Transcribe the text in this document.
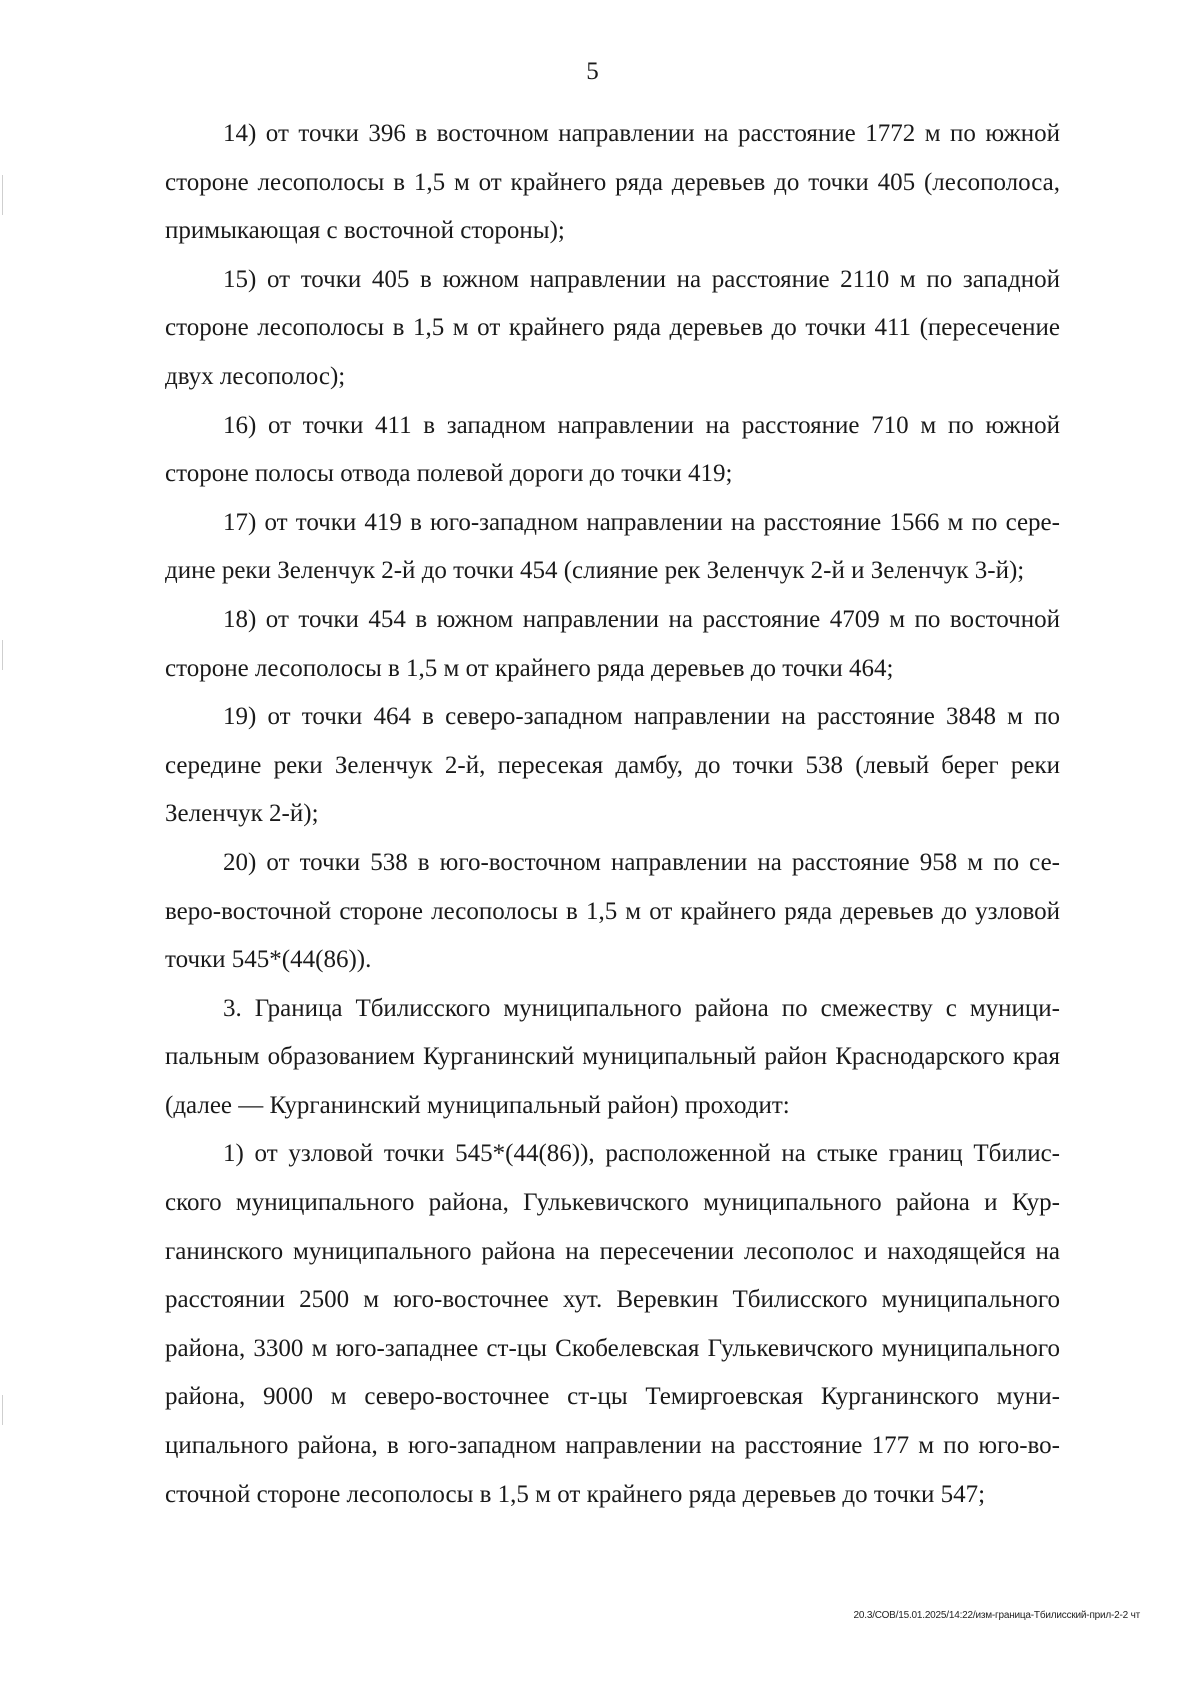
5

14) от точки 396 в восточном направлении на расстояние 1772 м по южной стороне лесополосы в 1,5 м от крайнего ряда деревьев до точки 405 (лесополоса, примыкающая с восточной стороны);

15) от точки 405 в южном направлении на расстояние 2110 м по западной стороне лесополосы в 1,5 м от крайнего ряда деревьев до точки 411 (пересечение двух лесополос);

16) от точки 411 в западном направлении на расстояние 710 м по южной стороне полосы отвода полевой дороги до точки 419;

17) от точки 419 в юго-западном направлении на расстояние 1566 м по середине реки Зеленчук 2-й до точки 454 (слияние рек Зеленчук 2-й и Зеленчук 3-й);

18) от точки 454 в южном направлении на расстояние 4709 м по восточной стороне лесополосы в 1,5 м от крайнего ряда деревьев до точки 464;

19) от точки 464 в северо-западном направлении на расстояние 3848 м по середине реки Зеленчук 2-й, пересекая дамбу, до точки 538 (левый берег реки Зеленчук 2-й);

20) от точки 538 в юго-восточном направлении на расстояние 958 м по северо-восточной стороне лесополосы в 1,5 м от крайнего ряда деревьев до узловой точки 545*(44(86)).

3. Граница Тбилисского муниципального района по смежеству с муниципальным образованием Курганинский муниципальный район Краснодарского края (далее — Курганинский муниципальный район) проходит:

1) от узловой точки 545*(44(86)), расположенной на стыке границ Тбилисского муниципального района, Гулькевичского муниципального района и Курганинского муниципального района на пересечении лесополос и находящейся на расстоянии 2500 м юго-восточнее хут. Веревкин Тбилисского муниципального района, 3300 м юго-западнее ст-цы Скобелевская Гулькевичского муниципального района, 9000 м северо-восточнее ст-цы Темиргоевская Курганинского муниципального района, в юго-западном направлении на расстояние 177 м по юго-восточной стороне лесополосы в 1,5 м от крайнего ряда деревьев до точки 547;

20.3/СОВ/15.01.2025/14:22/изм-граница-Тбилисский-прил-2-2 чт
